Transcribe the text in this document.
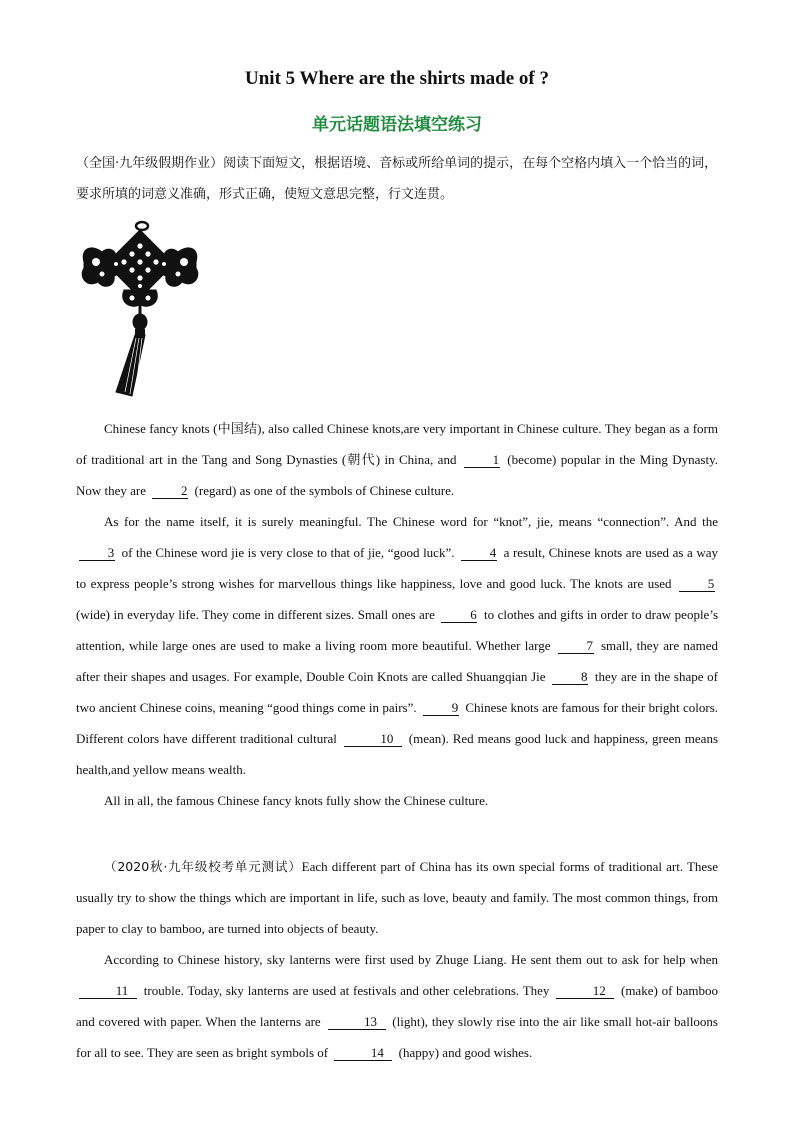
Unit 5 Where are the shirts made of ?
单元话题语法填空练习
（全国·九年级假期作业）阅读下面短文，根据语境、音标或所给单词的提示，在每个空格内填入一个恰当的词，要求所填的词意义准确，形式正确，使短文意思完整，行文连贯。

Chinese fancy knots (中国结), also called Chinese knots,are very important in Chinese culture. They began as a form of traditional art in the Tang and Song Dynasties (朝代) in China, and	1 (become) popular in the Ming Dynasty. Now they are	2 (regard) as one of the symbols of Chinese culture.

As for the name itself, it is surely meaningful. The Chinese word for “knot”, jie, means “connection”. And the 3 of the Chinese word jie is very close to that of jie, “good luck”.	4 a result, Chinese knots are used as a way to express people’s strong wishes for marvellous things like happiness, love and good luck. The knots are used	5 (wide) in everyday life. They come in different sizes. Small ones are	6 to clothes and gifts in order to draw people’s attention, while large ones are used to make a living room more beautiful. Whether large	7 small, they are named after their shapes and usages. For example, Double Coin Knots are called Shuangqian Jie	8 they are in the shape of two ancient Chinese coins, meaning “good things come in pairs”.	9 Chinese knots are famous for their bright colors. Different colors have different traditional cultural	10 (mean). Red means good luck and happiness, green means health,and yellow means wealth.

All in all, the famous Chinese fancy knots fully show the Chinese culture.

（2020秋·九年级校考单元测试）Each different part of China has its own special forms of traditional art. These usually try to show the things which are important in life, such as love, beauty and family. The most common things, from paper to clay to bamboo, are turned into objects of beauty.

According to Chinese history, sky lanterns were first used by Zhuge Liang. He sent them out to ask for help when 11 trouble. Today, sky lanterns are used at festivals and other celebrations. They	12 (make) of bamboo and covered with paper. When the lanterns are	13 (light), they slowly rise into the air like small hot-air balloons for all to see. They are seen as bright symbols of	14 (happy) and good wishes.
